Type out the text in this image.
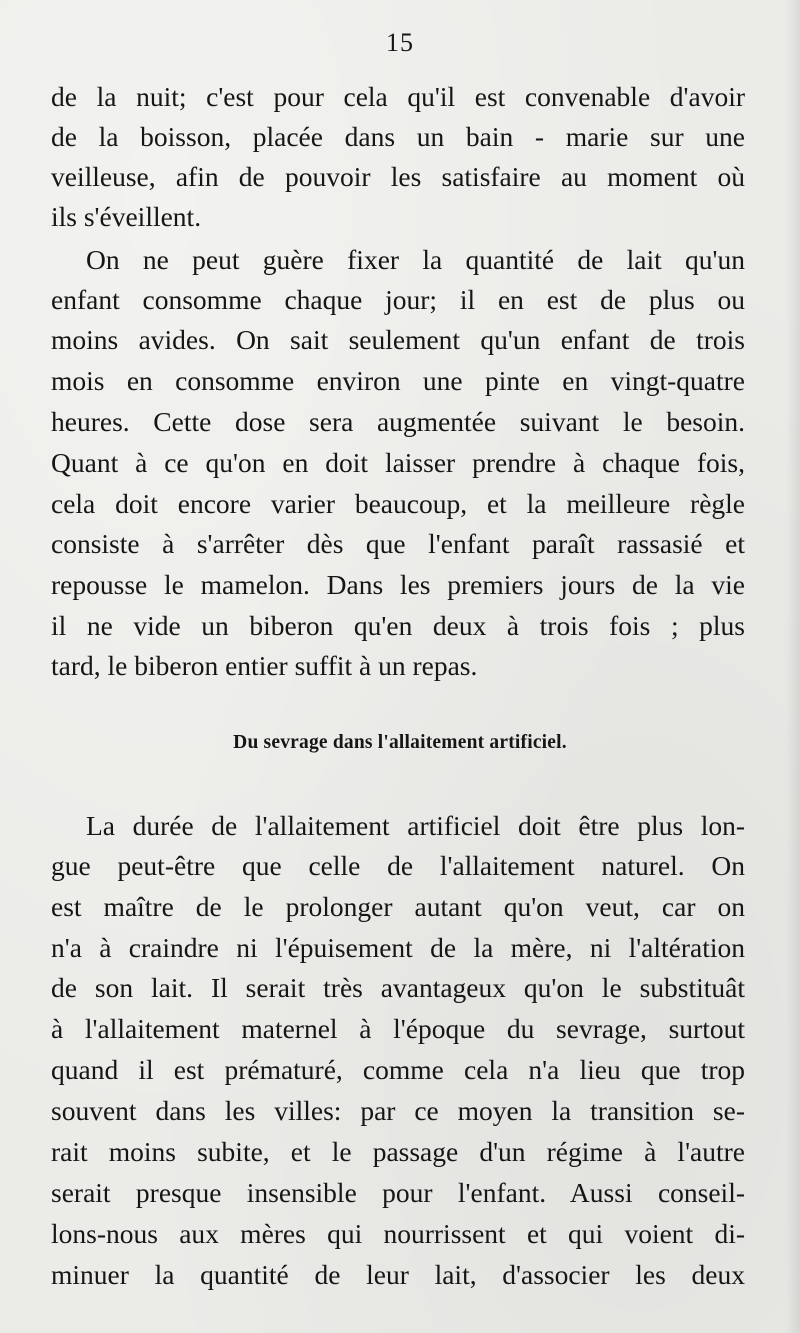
15
de la nuit; c'est pour cela qu'il est convenable d'avoir
de la boisson, placée dans un bain - marie sur une
veilleuse, afin de pouvoir les satisfaire au moment où
ils s'éveillent.
On ne peut guère fixer la quantité de lait qu'un
enfant consomme chaque jour; il en est de plus ou
moins avides. On sait seulement qu'un enfant de trois
mois en consomme environ une pinte en vingt-quatre
heures. Cette dose sera augmentée suivant le besoin.
Quant à ce qu'on en doit laisser prendre à chaque fois,
cela doit encore varier beaucoup, et la meilleure règle
consiste à s'arrêter dès que l'enfant paraît rassasié et
repousse le mamelon. Dans les premiers jours de la vie
il ne vide un biberon qu'en deux à trois fois ; plus
tard, le biberon entier suffit à un repas.
Du sevrage dans l'allaitement artificiel.
La durée de l'allaitement artificiel doit être plus lon-
gue peut-être que celle de l'allaitement naturel. On
est maître de le prolonger autant qu'on veut, car on
n'a à craindre ni l'épuisement de la mère, ni l'altération
de son lait. Il serait très avantageux qu'on le substituât
à l'allaitement maternel à l'époque du sevrage, surtout
quand il est prématuré, comme cela n'a lieu que trop
souvent dans les villes: par ce moyen la transition se-
rait moins subite, et le passage d'un régime à l'autre
serait presque insensible pour l'enfant. Aussi conseil-
lons-nous aux mères qui nourrissent et qui voient di-
minuer la quantité de leur lait, d'associer les deux
